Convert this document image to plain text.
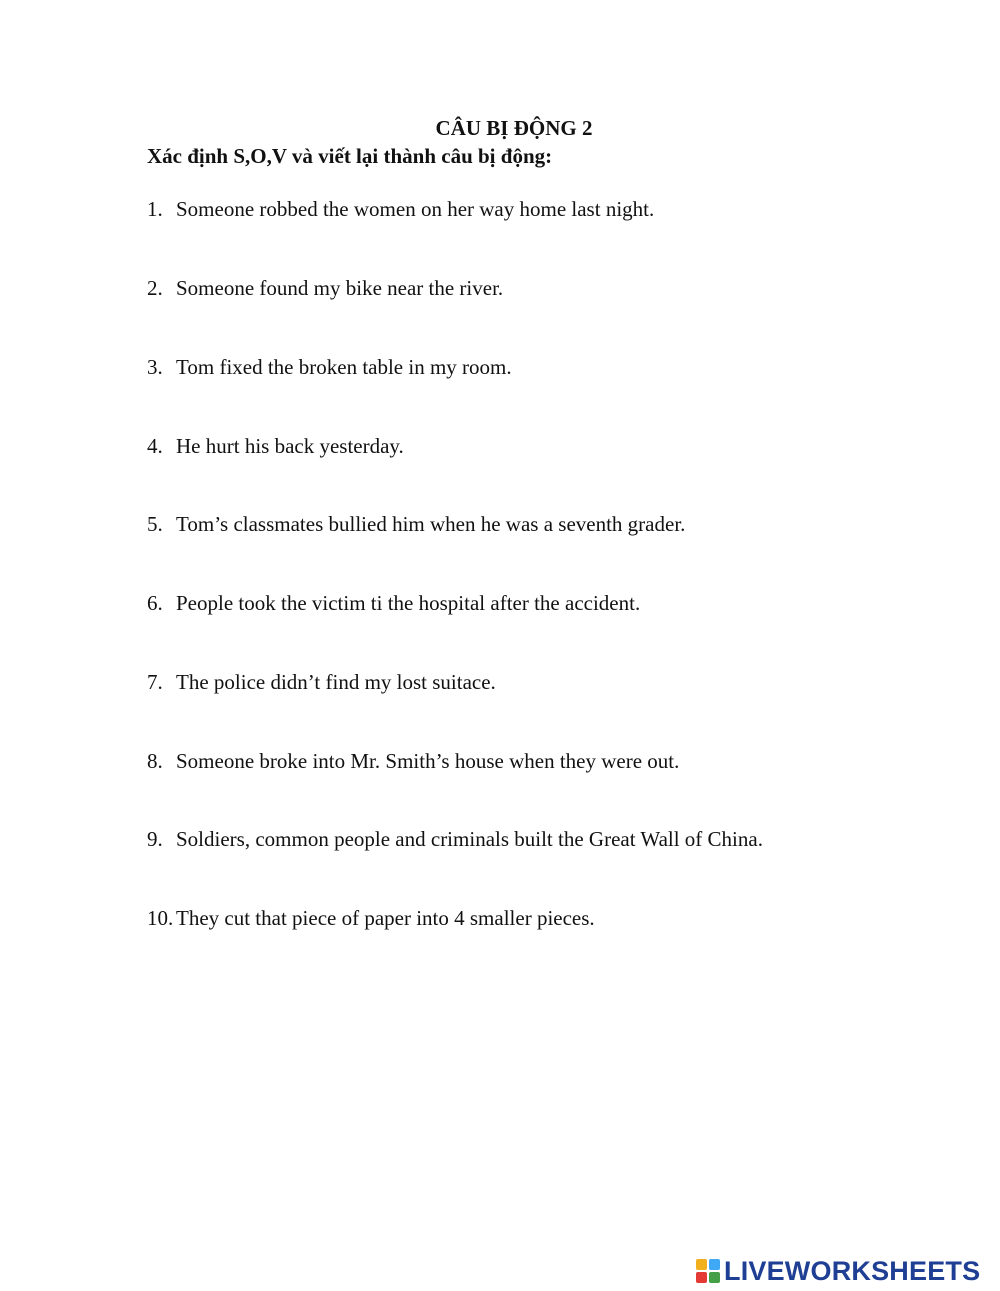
CÂU BỊ ĐỘNG 2
Xác định S,O,V và viết lại thành câu bị động:
1. Someone robbed the women on her way home last night.
2. Someone found my bike near the river.
3. Tom fixed the broken table in my room.
4. He hurt his back yesterday.
5. Tom’s classmates bullied him when he was a seventh grader.
6. People took the victim ti the hospital after the accident.
7. The police didn’t find my lost suitace.
8. Someone broke into Mr. Smith’s house when they were out.
9. Soldiers, common people and criminals built the Great Wall of China.
10. They cut that piece of paper into 4 smaller pieces.
LIVEWORKSHEETS
